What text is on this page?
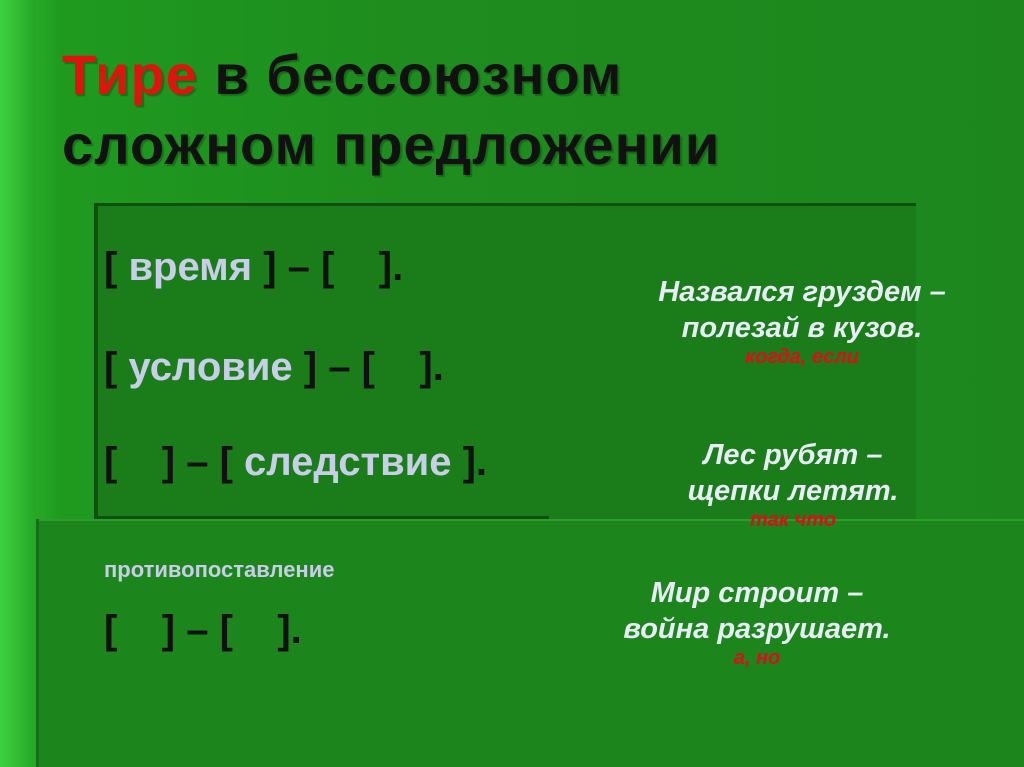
Тире в бессоюзном
сложном предложении
[ время ] – [    ].
[ условие ] – [    ].
[    ] – [ следствие ].
противопоставление
[    ] – [    ].
Назвался груздем –
полезай в кузов.
когда, если
Лес рубят –
щепки летят.
так что
Мир строит –
война разрушает.
а, но
